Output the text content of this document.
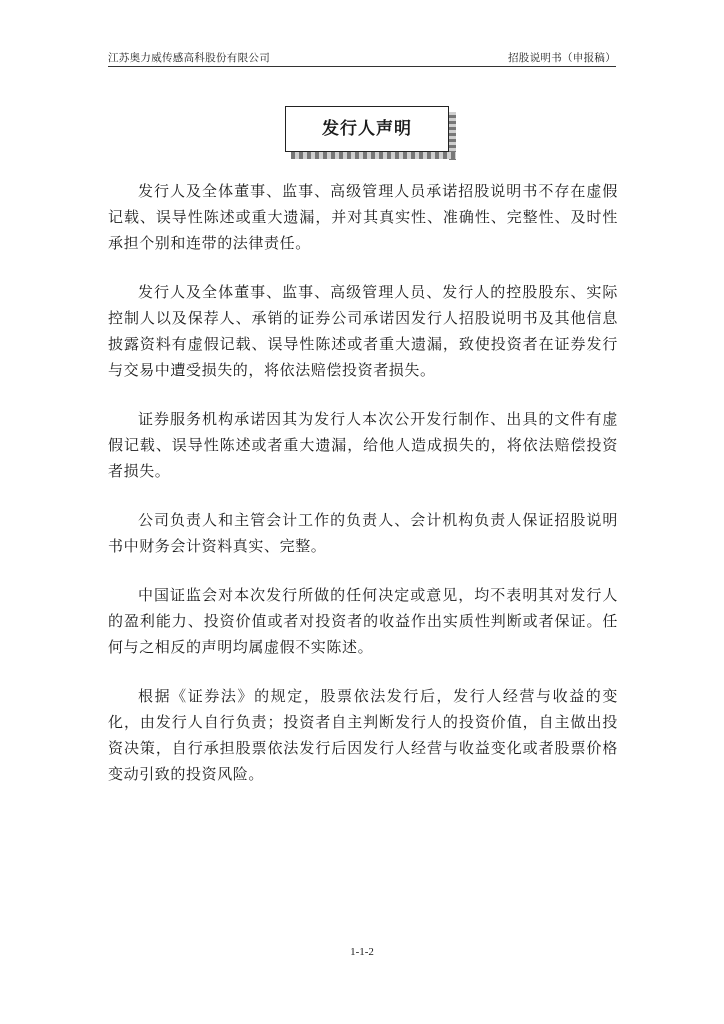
江苏奥力威传感高科股份有限公司	招股说明书（申报稿）
发行人声明

发行人及全体董事、监事、高级管理人员承诺招股说明书不存在虚假记载、误导性陈述或重大遗漏，并对其真实性、准确性、完整性、及时性承担个别和连带的法律责任。

发行人及全体董事、监事、高级管理人员、发行人的控股股东、实际控制人以及保荐人、承销的证券公司承诺因发行人招股说明书及其他信息披露资料有虚假记载、误导性陈述或者重大遗漏，致使投资者在证券发行与交易中遭受损失的，将依法赔偿投资者损失。

证券服务机构承诺因其为发行人本次公开发行制作、出具的文件有虚假记载、误导性陈述或者重大遗漏，给他人造成损失的，将依法赔偿投资者损失。

公司负责人和主管会计工作的负责人、会计机构负责人保证招股说明书中财务会计资料真实、完整。

中国证监会对本次发行所做的任何决定或意见，均不表明其对发行人的盈利能力、投资价值或者对投资者的收益作出实质性判断或者保证。任何与之相反的声明均属虚假不实陈述。

根据《证券法》的规定，股票依法发行后，发行人经营与收益的变化，由发行人自行负责；投资者自主判断发行人的投资价值，自主做出投资决策，自行承担股票依法发行后因发行人经营与收益变化或者股票价格变动引致的投资风险。

1-1-2
